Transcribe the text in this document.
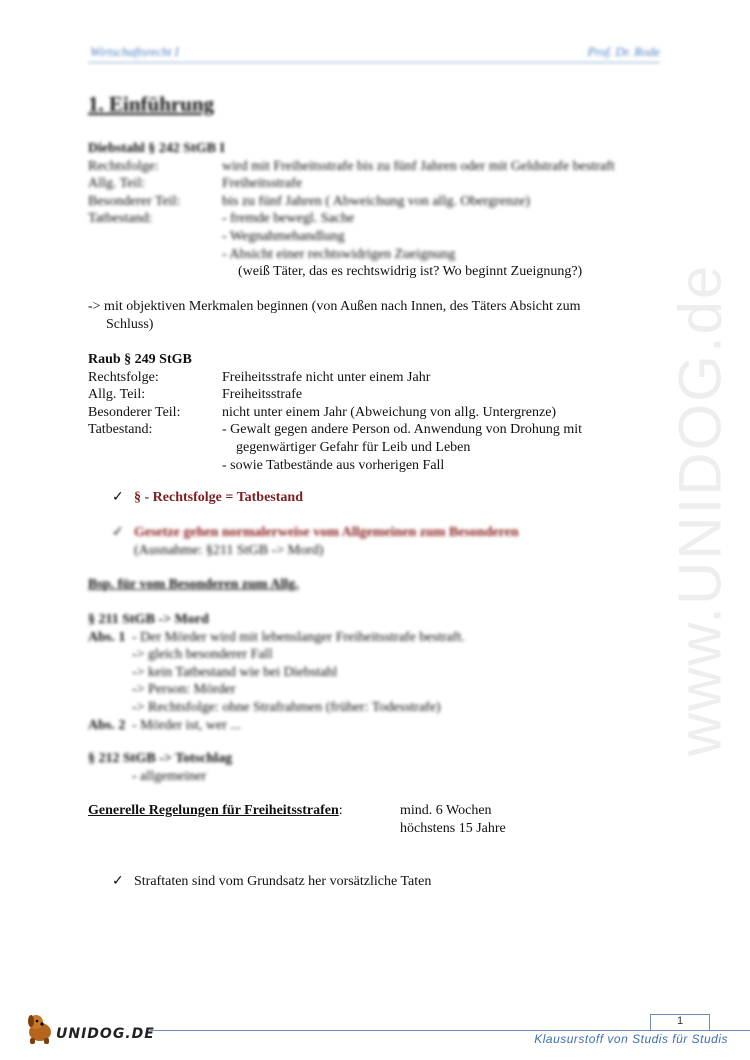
www.UNIDOG.de
Wirtschaftsrecht I	Prof. Dr. Rode
1. Einführung
Diebstahl § 242 StGB I
Rechtsfolge:	wird mit Freiheitsstrafe bis zu fünf Jahren oder mit Geldstrafe bestraft
Allg. Teil:	Freiheitsstrafe
Besonderer Teil:	bis zu fünf Jahren ( Abweichung von allg. Obergrenze)
Tatbestand:	- fremde bewegl. Sache
- Wegnahmehandlung
- Absicht einer rechtswidrigen Zueignung
(weiß Täter, das es rechtswidrig ist? Wo beginnt Zueignung?)
-> mit objektiven Merkmalen beginnen (von Außen nach Innen, des Täters Absicht zum
Schluss)
Raub § 249 StGB
Rechtsfolge:	Freiheitsstrafe nicht unter einem Jahr
Allg. Teil:	Freiheitsstrafe
Besonderer Teil:	nicht unter einem Jahr (Abweichung von allg. Untergrenze)
Tatbestand:	- Gewalt gegen andere Person od. Anwendung von Drohung mit
gegenwärtiger Gefahr für Leib und Leben
- sowie Tatbestände aus vorherigen Fall
✓ § - Rechtsfolge = Tatbestand
✓ Gesetze gehen normalerweise vom Allgemeinen zum Besonderen
(Ausnahme: §211 StGB -> Mord)
Bsp. für vom Besonderen zum Allg.
§ 211 StGB -> Mord
Abs. 1 - Der Mörder wird mit lebenslanger Freiheitsstrafe bestraft.
-> gleich besonderer Fall
-> kein Tatbestand wie bei Diebstahl
-> Person: Mörder
-> Rechtsfolge: ohne Strafrahmen (früher: Todesstrafe)
Abs. 2 - Mörder ist, wer ...
§ 212 StGB -> Totschlag
- allgemeiner
Generelle Regelungen für Freiheitsstrafen:	mind. 6 Wochen
höchstens 15 Jahre
✓ Straftaten sind vom Grundsatz her vorsätzliche Taten
UNIDOG.DE
1
Klausurstoff von Studis für Studis
